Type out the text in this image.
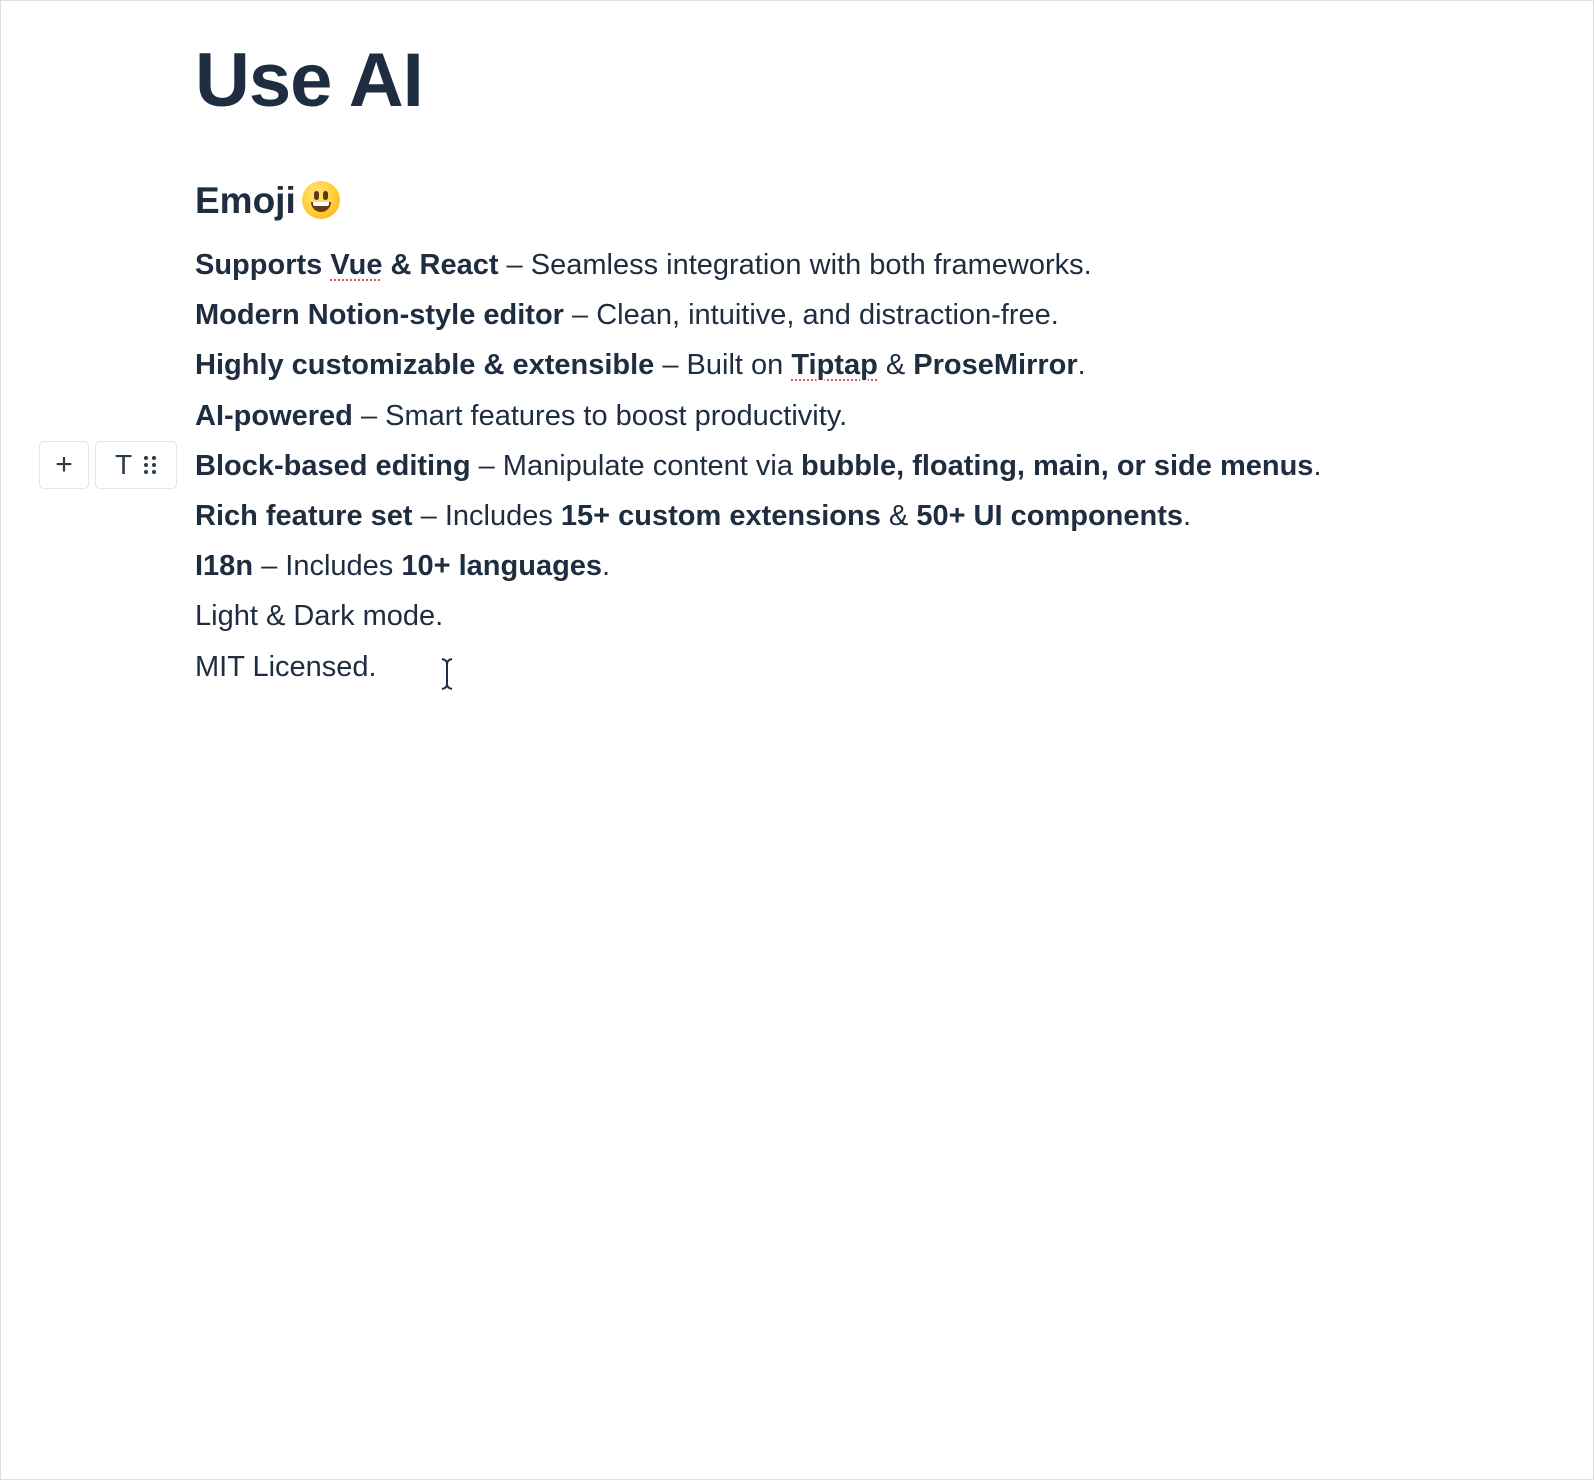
Use AI
Emoji

Supports Vue & React – Seamless integration with both frameworks.

Modern Notion-style editor – Clean, intuitive, and distraction-free.

Highly customizable & extensible – Built on Tiptap & ProseMirror.

AI-powered – Smart features to boost productivity.

Block-based editing – Manipulate content via bubble, floating, main, or side menus.

Rich feature set – Includes 15+ custom extensions & 50+ UI components.

I18n – Includes 10+ languages.

Light & Dark mode.

MIT Licensed.

+ T
